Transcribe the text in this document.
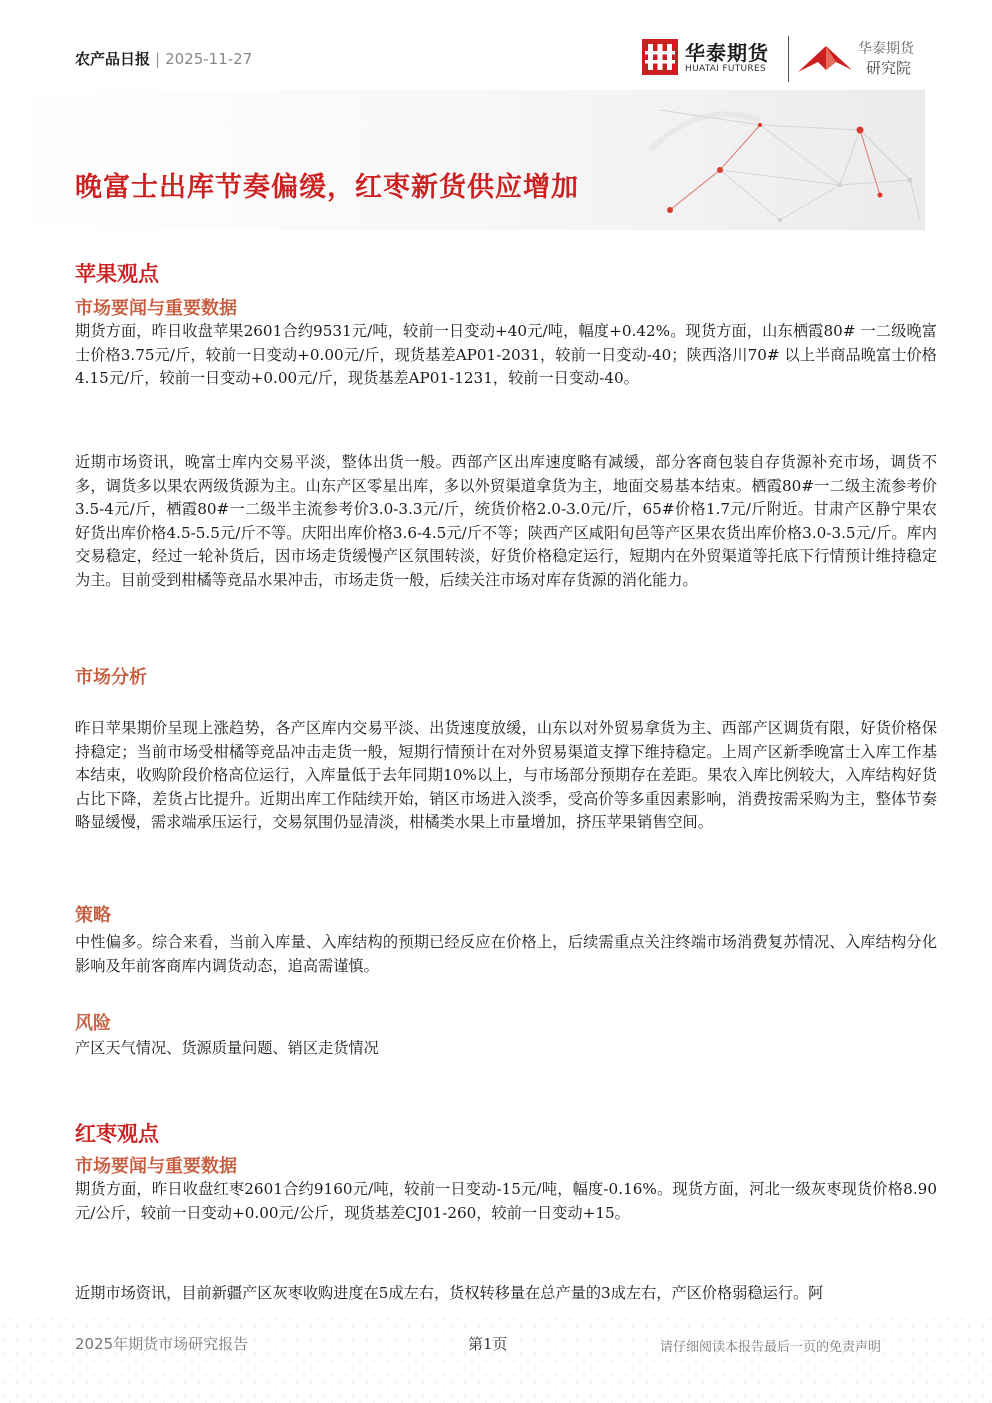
农产品日报 | 2025-11-27	华泰期货
HUATAI FUTURES
华泰期货
研究院
晚富士出库节奏偏缓，红枣新货供应增加
苹果观点
市场要闻与重要数据
期货方面，昨日收盘苹果2601合约9531元/吨，较前一日变动+40元/吨，幅度+0.42%。现货方面，山东栖霞80# 一二级晚富士价格3.75元/斤，较前一日变动+0.00元/斤，现货基差AP01-2031，较前一日变动-40；陕西洛川70# 以上半商品晚富士价格4.15元/斤，较前一日变动+0.00元/斤，现货基差AP01-1231，较前一日变动-40。
近期市场资讯，晚富士库内交易平淡，整体出货一般。西部产区出库速度略有减缓，部分客商包装自存货源补充市场，调货不多，调货多以果农两级货源为主。山东产区零星出库，多以外贸渠道拿货为主，地面交易基本结束。栖霞80#一二级主流参考价3.5-4元/斤，栖霞80#一二级半主流参考价3.0-3.3元/斤，统货价格2.0-3.0元/斤，65#价格1.7元/斤附近。甘肃产区静宁果农好货出库价格4.5-5.5元/斤不等。庆阳出库价格3.6-4.5元/斤不等；陕西产区咸阳旬邑等产区果农货出库价格3.0-3.5元/斤。库内交易稳定，经过一轮补货后，因市场走货缓慢产区氛围转淡，好货价格稳定运行，短期内在外贸渠道等托底下行情预计维持稳定为主。目前受到柑橘等竞品水果冲击，市场走货一般，后续关注市场对库存货源的消化能力。
市场分析
昨日苹果期价呈现上涨趋势，各产区库内交易平淡、出货速度放缓，山东以对外贸易拿货为主、西部产区调货有限，好货价格保持稳定；当前市场受柑橘等竞品冲击走货一般，短期行情预计在对外贸易渠道支撑下维持稳定。上周产区新季晚富士入库工作基本结束，收购阶段价格高位运行，入库量低于去年同期10%以上，与市场部分预期存在差距。果农入库比例较大，入库结构好货占比下降，差货占比提升。近期出库工作陆续开始，销区市场进入淡季，受高价等多重因素影响，消费按需采购为主，整体节奏略显缓慢，需求端承压运行，交易氛围仍显清淡，柑橘类水果上市量增加，挤压苹果销售空间。
策略
中性偏多。综合来看，当前入库量、入库结构的预期已经反应在价格上，后续需重点关注终端市场消费复苏情况、入库结构分化影响及年前客商库内调货动态，追高需谨慎。
风险
产区天气情况、货源质量问题、销区走货情况
红枣观点
市场要闻与重要数据
期货方面，昨日收盘红枣2601合约9160元/吨，较前一日变动-15元/吨，幅度-0.16%。现货方面，河北一级灰枣现货价格8.90元/公斤，较前一日变动+0.00元/公斤，现货基差CJ01-260，较前一日变动+15。
近期市场资讯，目前新疆产区灰枣收购进度在5成左右，货权转移量在总产量的3成左右，产区价格弱稳运行。阿
2025年期货市场研究报告	第1页	请仔细阅读本报告最后一页的免责声明
